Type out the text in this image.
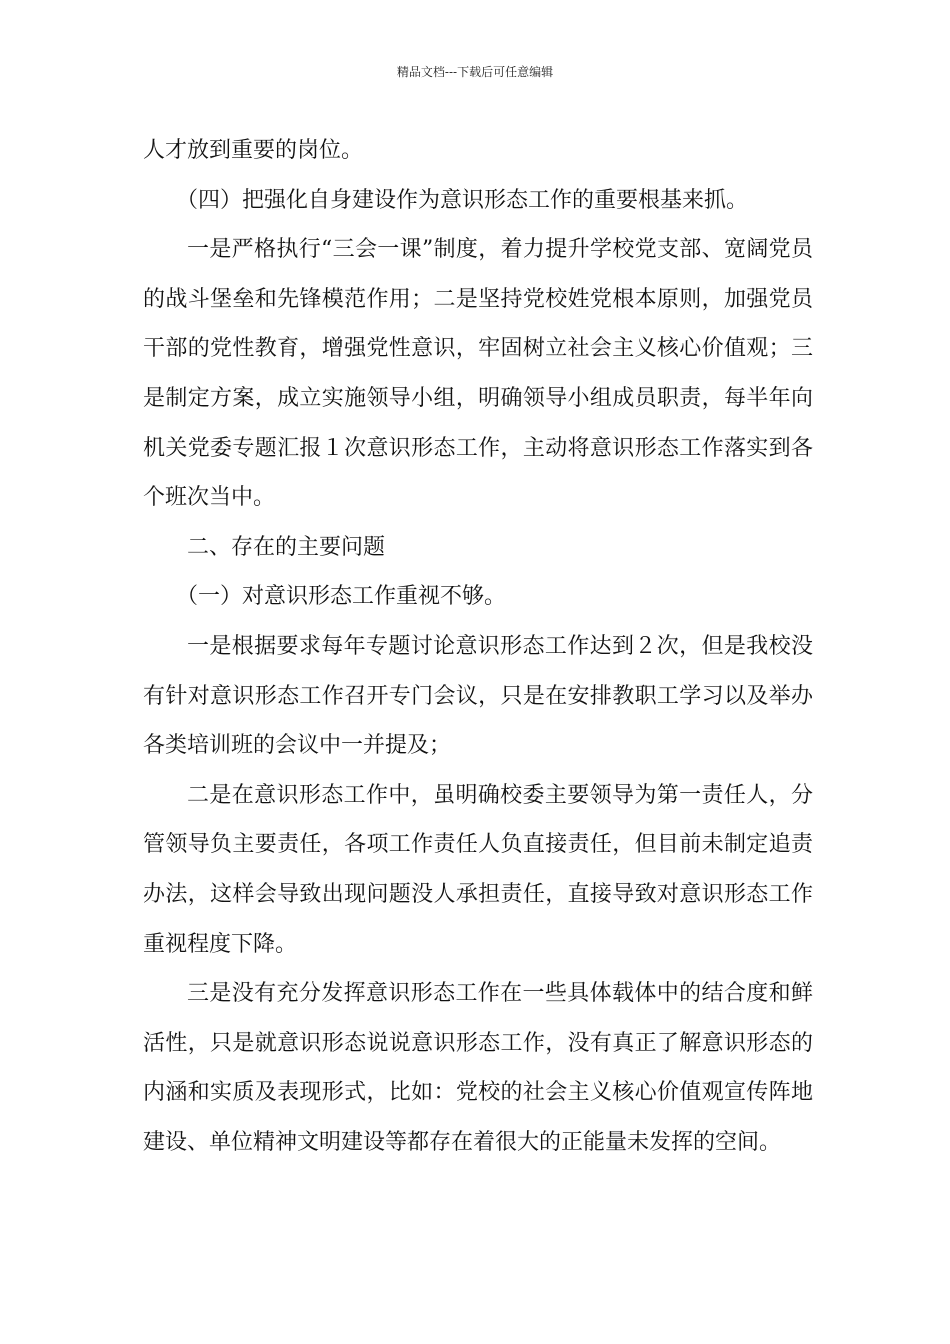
精品文档---下载后可任意编辑

人才放到重要的岗位。

（四）把强化自身建设作为意识形态工作的重要根基来抓。

一是严格执行“三会一课”制度，着力提升学校党支部、宽阔党员的战斗堡垒和先锋模范作用；二是坚持党校姓党根本原则，加强党员干部的党性教育，增强党性意识，牢固树立社会主义核心价值观；三是制定方案，成立实施领导小组，明确领导小组成员职责，每半年向机关党委专题汇报１次意识形态工作，主动将意识形态工作落实到各个班次当中。

二、存在的主要问题

（一）对意识形态工作重视不够。

一是根据要求每年专题讨论意识形态工作达到２次，但是我校没有针对意识形态工作召开专门会议，只是在安排教职工学习以及举办各类培训班的会议中一并提及；

二是在意识形态工作中，虽明确校委主要领导为第一责任人，分管领导负主要责任，各项工作责任人负直接责任，但目前未制定追责办法，这样会导致出现问题没人承担责任，直接导致对意识形态工作重视程度下降。

三是没有充分发挥意识形态工作在一些具体载体中的结合度和鲜活性，只是就意识形态说说意识形态工作，没有真正了解意识形态的内涵和实质及表现形式，比如：党校的社会主义核心价值观宣传阵地建设、单位精神文明建设等都存在着很大的正能量未发挥的空间。
